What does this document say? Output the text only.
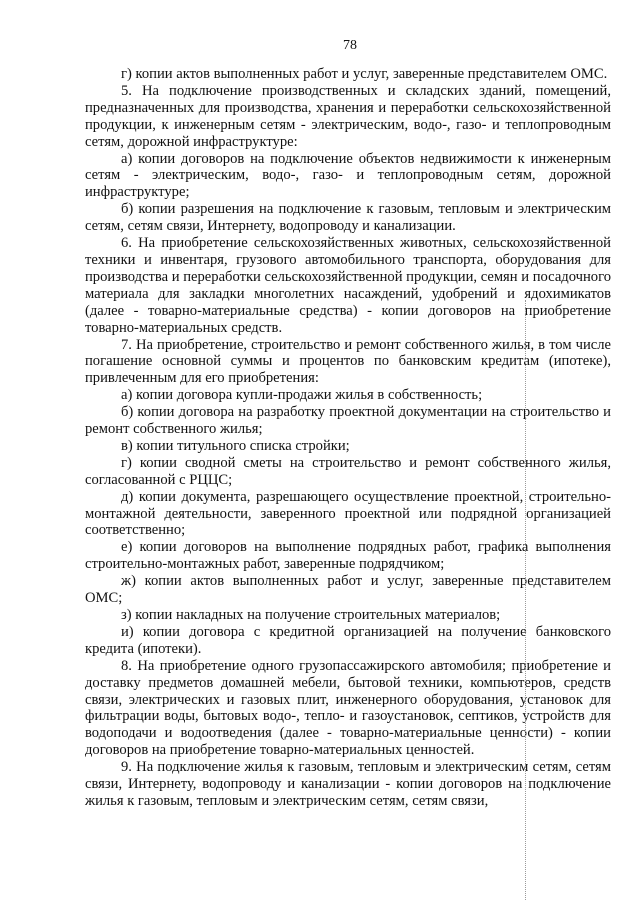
78

г) копии актов выполненных работ и услуг, заверенные представителем ОМС.

5. На подключение производственных и складских зданий, помещений, предназначенных для производства, хранения и переработки сельскохозяйственной продукции, к инженерным сетям - электрическим, водо-, газо- и теплопроводным сетям, дорожной инфраструктуре:

а) копии договоров на подключение объектов недвижимости к инженерным сетям - электрическим, водо-, газо- и теплопроводным сетям, дорожной инфраструктуре;

б) копии разрешения на подключение к газовым, тепловым и электрическим сетям, сетям связи, Интернету, водопроводу и канализации.

6. На приобретение сельскохозяйственных животных, сельскохозяйственной техники и инвентаря, грузового автомобильного транспорта, оборудования для производства и переработки сельскохозяйственной продукции, семян и посадочного материала для закладки многолетних насаждений, удобрений и ядохимикатов (далее - товарно-материальные средства) - копии договоров на приобретение товарно-материальных средств.

7. На приобретение, строительство и ремонт собственного жилья, в том числе погашение основной суммы и процентов по банковским кредитам (ипотеке), привлеченным для его приобретения:

а) копии договора купли-продажи жилья в собственность;

б) копии договора на разработку проектной документации на строительство и ремонт собственного жилья;

в) копии титульного списка стройки;

г) копии сводной сметы на строительство и ремонт собственного жилья, согласованной с РЦЦС;

д) копии документа, разрешающего осуществление проектной, строительно-монтажной деятельности, заверенного проектной или подрядной организацией соответственно;

е) копии договоров на выполнение подрядных работ, графика выполнения строительно-монтажных работ, заверенные подрядчиком;

ж) копии актов выполненных работ и услуг, заверенные представителем ОМС;

з) копии накладных на получение строительных материалов;

и) копии договора с кредитной организацией на получение банковского кредита (ипотеки).

8. На приобретение одного грузопассажирского автомобиля; приобретение и доставку предметов домашней мебели, бытовой техники, компьютеров, средств связи, электрических и газовых плит, инженерного оборудования, установок для фильтрации воды, бытовых водо-, тепло- и газоустановок, септиков, устройств для водоподачи и водоотведения (далее - товарно-материальные ценности) - копии договоров на приобретение товарно-материальных ценностей.

9. На подключение жилья к газовым, тепловым и электрическим сетям, сетям связи, Интернету, водопроводу и канализации - копии договоров на подключение жилья к газовым, тепловым и электрическим сетям, сетям связи,
